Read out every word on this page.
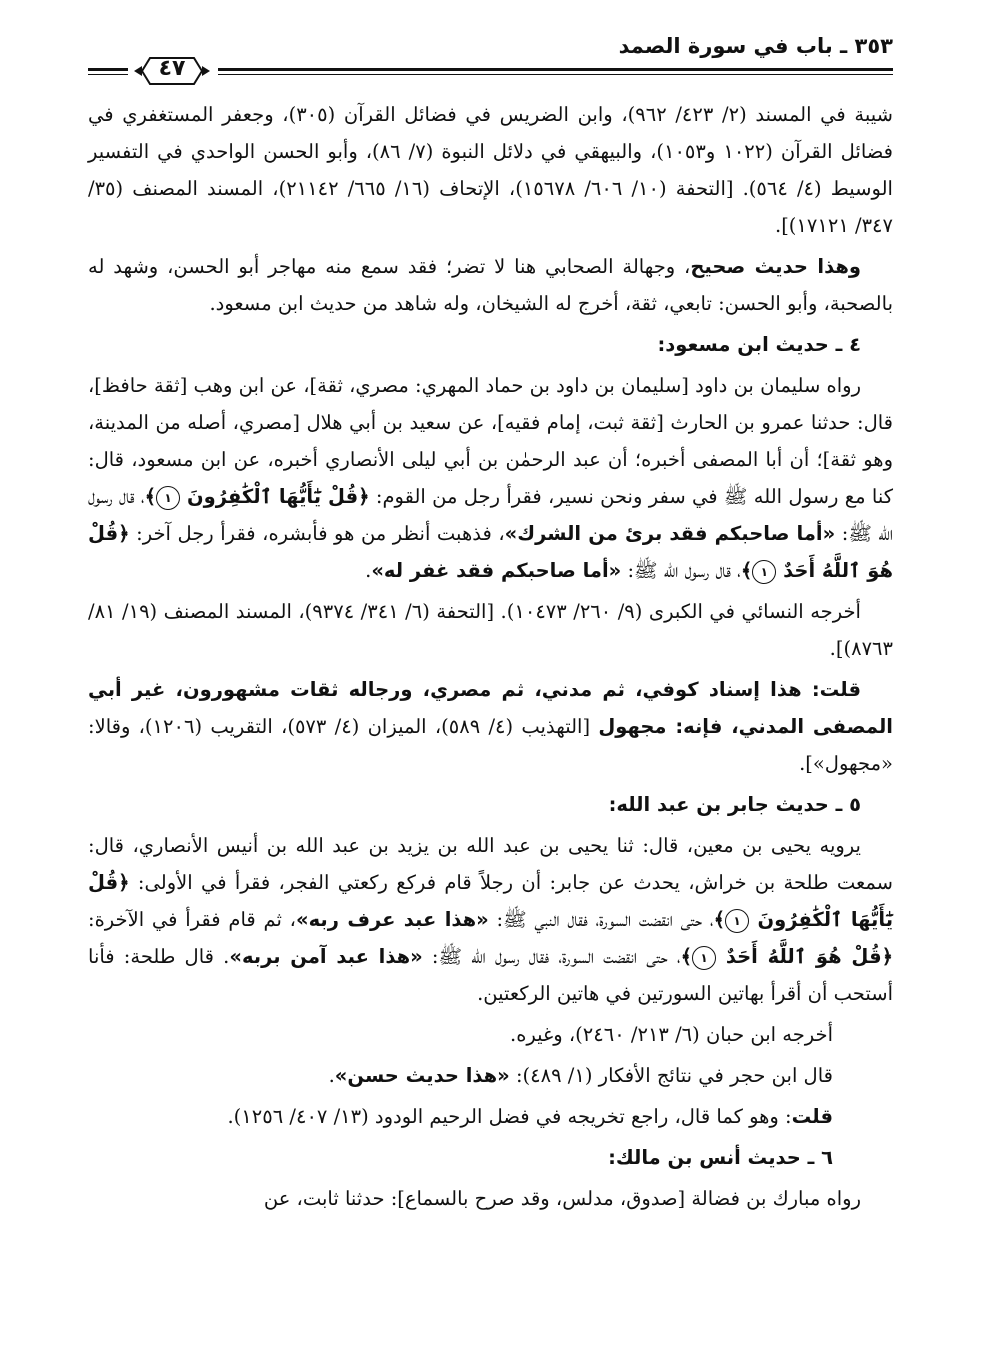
٣٥٣ ـ باب في سورة الصمد
٤٧

شيبة في المسند (٢/ ٤٢٣/ ٩٦٢)، وابن الضريس في فضائل القرآن (٣٠٥)، وجعفر المستغفري في فضائل القرآن (١٠٢٢ و١٠٥٣)، والبيهقي في دلائل النبوة (٧/ ٨٦)، وأبو الحسن الواحدي في التفسير الوسيط (٤/ ٥٦٤). [التحفة (١٠/ ٦٠٦/ ١٥٦٧٨)، الإتحاف (١٦/ ٦٦٥/ ٢١١٤٢)، المسند المصنف (٣٥/ ٣٤٧/ ١٧١٢١)].

وهذا حديث صحيح، وجهالة الصحابي هنا لا تضر؛ فقد سمع منه مهاجر أبو الحسن، وشهد له بالصحبة، وأبو الحسن: تابعي، ثقة، أخرج له الشيخان، وله شاهد من حديث ابن مسعود.

٤ ـ حديث ابن مسعود:

رواه سليمان بن داود [سليمان بن داود بن حماد المهري: مصري، ثقة]، عن ابن وهب [ثقة حافظ]، قال: حدثنا عمرو بن الحارث [ثقة ثبت، إمام فقيه]، عن سعيد بن أبي هلال [مصري، أصله من المدينة، وهو ثقة]؛ أن أبا المصفى أخبره؛ أن عبد الرحمٰن بن أبي ليلى الأنصاري أخبره، عن ابن مسعود، قال: كنا مع رسول الله ﷺ في سفر ونحن نسير، فقرأ رجل من القوم: ﴿قُلْ يَٰٓأَيُّهَا ٱلْكَٰفِرُونَ ١﴾، قال رسول الله ﷺ: «أما صاحبكم فقد برئ من الشرك»، فذهبت أنظر من هو فأبشره، فقرأ رجل آخر: ﴿قُلْ هُوَ ٱللَّهُ أَحَدٌ ١﴾، قال رسول الله ﷺ: «أما صاحبكم فقد غفر له».

أخرجه النسائي في الكبرى (٩/ ٢٦٠/ ١٠٤٧٣). [التحفة (٦/ ٣٤١/ ٩٣٧٤)، المسند المصنف (١٩/ ٨١/ ٨٧٦٣)].

قلت: هذا إسناد كوفي، ثم مدني، ثم مصري، ورجاله ثقات مشهورون، غير أبي المصفى المدني، فإنه: مجهول [التهذيب (٤/ ٥٨٩)، الميزان (٤/ ٥٧٣)، التقريب (١٢٠٦)، وقالا: «مجهول»].

٥ ـ حديث جابر بن عبد الله:

يرويه يحيى بن معين، قال: ثنا يحيى بن عبد الله بن يزيد بن عبد الله بن أنيس الأنصاري، قال: سمعت طلحة بن خراش، يحدث عن جابر: أن رجلاً قام فركع ركعتي الفجر، فقرأ في الأولى: ﴿قُلْ يَٰٓأَيُّهَا ٱلْكَٰفِرُونَ ١﴾، حتى انقضت السورة، فقال النبي ﷺ: «هذا عبد عرف ربه»، ثم قام فقرأ في الآخرة: ﴿قُلْ هُوَ ٱللَّهُ أَحَدٌ ١﴾، حتى انقضت السورة، فقال رسول الله ﷺ: «هذا عبد آمن بربه». قال طلحة: فأنا أستحب أن أقرأ بهاتين السورتين في هاتين الركعتين.

أخرجه ابن حبان (٦/ ٢١٣/ ٢٤٦٠)، وغيره.

قال ابن حجر في نتائج الأفكار (١/ ٤٨٩): «هذا حديث حسن».

قلت: وهو كما قال، راجع تخريجه في فضل الرحيم الودود (١٣/ ٤٠٧/ ١٢٥٦).

٦ ـ حديث أنس بن مالك:

رواه مبارك بن فضالة [صدوق، مدلس، وقد صرح بالسماع]: حدثنا ثابت، عن
